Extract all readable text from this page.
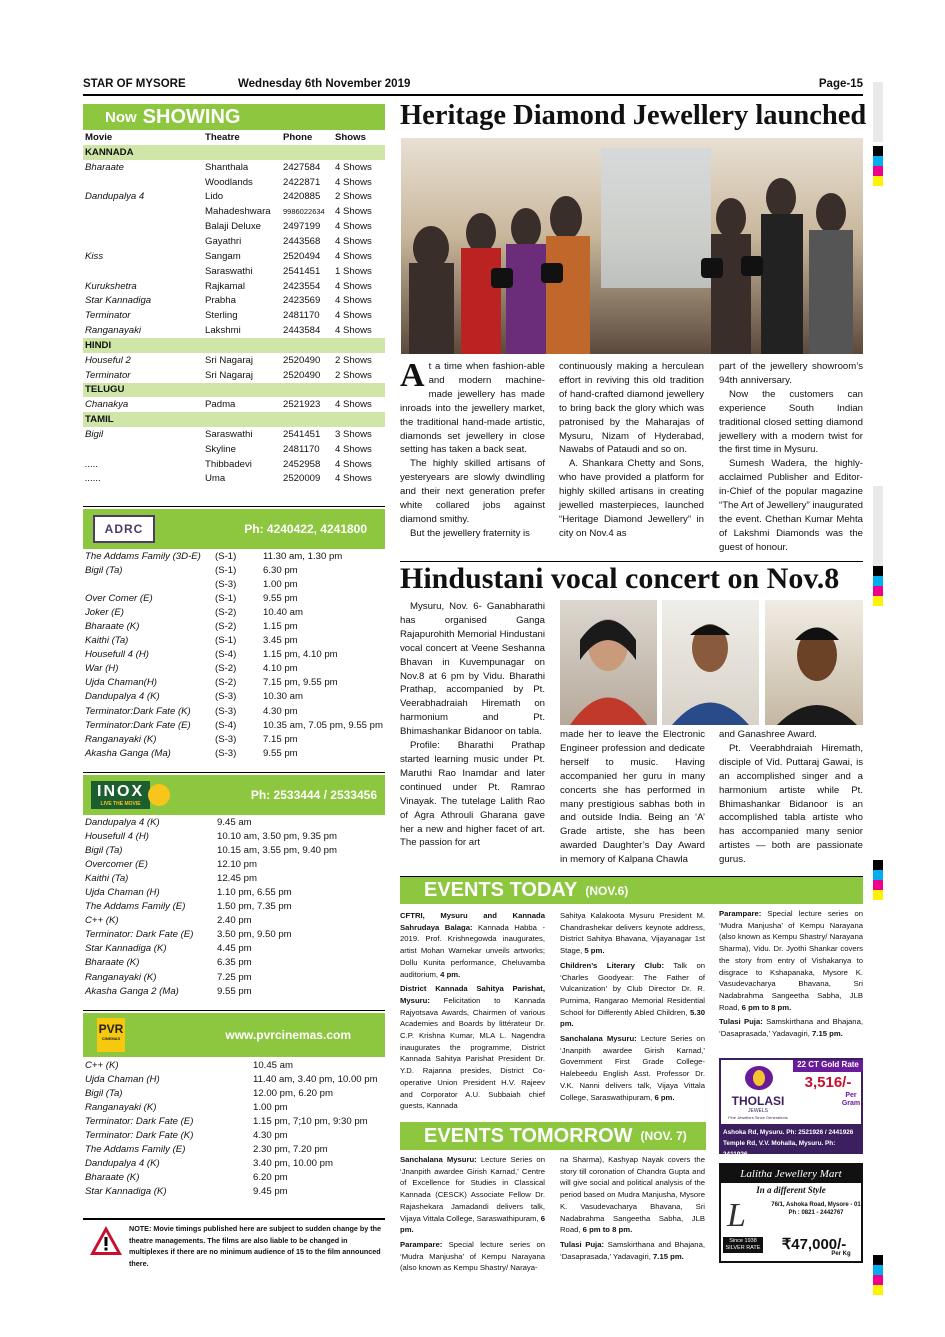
STAR OF MYSORE	Wednesday 6th November 2019	Page-15
Now SHOWING
Movie	Theatre	Phone	Shows
KANNADA			
Bharaate	Shanthala	2427584	4 Shows
	Woodlands	2422871	4 Shows
Dandupalya 4	Lido	2420885	2 Shows
	Mahadeshwara	9986022634	4 Shows
	Balaji Deluxe	2497199	4 Shows
	Gayathri	2443568	4 Shows
Kiss	Sangam	2520494	4 Shows
	Saraswathi	2541451	1 Shows
Kurukshetra	Rajkamal	2423554	4 Shows
Star Kannadiga	Prabha	2423569	4 Shows
Terminator	Sterling	2481170	4 Shows
Ranganayaki	Lakshmi	2443584	4 Shows
HINDI			
Houseful 2	Sri Nagaraj	2520490	2 Shows
Terminator	Sri Nagaraj	2520490	2 Shows
TELUGU			
Chanakya	Padma	2521923	4 Shows
TAMIL			
Bigil	Saraswathi	2541451	3 Shows
	Skyline	2481170	4 Shows
.....	Thibbadevi	2452958	4 Shows
......	Uma	2520009	4 Shows
ADRC	Ph: 4240422, 4241800
The Addams Family (3D-E)	(S-1)	11.30 am, 1.30 pm
Bigil (Ta)	(S-1)	6.30 pm
	(S-3)	1.00 pm
Over Comer (E)	(S-1)	9.55 pm
Joker (E)	(S-2)	10.40 am
Bharaate (K)	(S-2)	1.15 pm
Kaithi (Ta)	(S-1)	3.45 pm
Housefull 4 (H)	(S-4)	1.15 pm, 4.10 pm
War (H)	(S-2)	4.10 pm
Ujda Chaman(H)	(S-2)	7.15 pm, 9.55 pm
Dandupalya 4 (K)	(S-3)	10.30 am
Terminator:Dark Fate (K)	(S-3)	4.30 pm
Terminator:Dark Fate (E)	(S-4)	10.35 am, 7.05 pm, 9.55 pm
Ranganayaki (K)	(S-3)	7.15 pm
Akasha Ganga (Ma)	(S-3)	9.55 pm
INOX
LIVE THE MOVIE
Ph: 2533444 / 2533456
Dandupalya 4 (K)	9.45 am
Housefull 4 (H)	10.10 am, 3.50 pm, 9.35 pm
Bigil (Ta)	10.15 am, 3.55 pm, 9.40 pm
Overcomer (E)	12.10 pm
Kaithi (Ta)	12.45 pm
Ujda Chaman (H)	1.10 pm, 6.55 pm
The Addams Family (E)	1.50 pm, 7.35 pm
C++ (K)	2.40 pm
Terminator: Dark Fate (E)	3.50 pm, 9.50 pm
Star Kannadiga (K)	4.45 pm
Bharaate (K)	6.35 pm
Ranganayaki (K)	7.25 pm
Akasha Ganga 2 (Ma)	9.55 pm
PVR
CINEMAS	www.pvrcinemas.com
C++ (K)	10.45 am
Ujda Chaman (H)	11.40 am, 3.40 pm, 10.00 pm
Bigil (Ta)	12.00 pm, 6.20 pm
Ranganayaki (K)	1.00 pm
Terminator: Dark Fate (E)	1.15 pm, 7;10 pm, 9:30 pm
Terminator: Dark Fate (K)	4.30 pm
The Addams Family (E)	2.30 pm, 7.20 pm
Dandupalya 4 (K)	3.40 pm, 10.00 pm
Bharaate (K)	6.20 pm
Star Kannadiga (K)	9.45 pm
NOTE: Movie timings published here are subject to sudden change by the theatre managements. The films are also liable to be changed in multiplexes if there are no minimum audience of 15 to the film announced there.
Heritage Diamond Jewellery launched

At a time when fashion-able and modern machine-made jewellery has made inroads into the jewellery market, the traditional hand-made artistic, diamonds set jewellery in close setting has taken a back seat.

The highly skilled artisans of yesteryears are slowly dwindling and their next generation prefer white collared jobs against diamond smithy.

But the jewellery fraternity is

continuously making a herculean effort in reviving this old tradition of hand-crafted diamond jewellery to bring back the glory which was patronised by the Maharajas of Mysuru, Nizam of Hyderabad, Nawabs of Pataudi and so on.

A. Shankara Chetty and Sons, who have provided a platform for highly skilled artisans in creating jewelled masterpieces, launched “Heritage Diamond Jewellery” in city on Nov.4 as

part of the jewellery showroom’s 94th anniversary.

Now the customers can experience South Indian traditional closed setting diamond jewellery with a modern twist for the first time in Mysuru.

Sumesh Wadera, the highly-acclaimed Publisher and Editor-in-Chief of the popular magazine “The Art of Jewellery” inaugurated the event. Chethan Kumar Mehta of Lakshmi Diamonds was the guest of honour.

Hindustani vocal concert on Nov.8

Mysuru, Nov. 6- Ganabharathi has organised Ganga Rajapurohith Memorial Hindustani vocal concert at Veene Seshanna Bhavan in Kuvempunagar on Nov.8 at 6 pm by Vidu. Bharathi Prathap, accompanied by Pt. Veerabhadraiah Hiremath on harmonium and Pt. Bhimashankar Bidanoor on tabla.

Profile: Bharathi Prathap started learning music under Pt. Maruthi Rao Inamdar and later continued under Pt. Ramrao Vinayak. The tutelage Lalith Rao of Agra Athrouli Gharana gave her a new and higher facet of art. The passion for art

made her to leave the Electronic Engineer profession and dedicate herself to music. Having accompanied her guru in many concerts she has performed in many prestigious sabhas both in and outside India. Being an ‘A’ Grade artiste, she has been awarded Daughter’s Day Award in memory of Kalpana Chawla

and Ganashree Award.

Pt. Veerabhdraiah Hiremath, disciple of Vid. Puttaraj Gawai, is an accomplished singer and a harmonium artiste while Pt. Bhimashankar Bidanoor is an accomplished tabla artiste who has accompanied many senior artistes — both are passionate gurus.

EVENTS TODAY (NOV.6)

CFTRI, Mysuru and Kannada Sahrudaya Balaga: Kannada Habba - 2019. Prof. Krishnegowda inaugurates, artist Mohan Warnekar unveils artworks; Dollu Kunita performance, Cheluvamba auditorium, 4 pm.

District Kannada Sahitya Parishat, Mysuru: Felicitation to Kannada Rajyotsava Awards, Chairmen of various Academies and Boards by littérateur Dr. C.P. Krishna Kumar, MLA L. Nagendra inaugurates the programme, District Kannada Sahitya Parishat President Dr. Y.D. Rajanna presides, District Co-operative Union President H.V. Rajeev and Corporator A.U. Subbaiah chief guests, Kannada

Sahitya Kalakoota Mysuru President M. Chandrashekar delivers keynote address, District Sahitya Bhavana, Vijayanagar 1st Stage, 5 pm.

Children’s Literary Club: Talk on ‘Charles Goodyear: The Father of Vulcanization’ by Club Director Dr. R. Purnima, Rangarao Memorial Residential School for Differently Abled Children, 5.30 pm.

Sanchalana Mysuru: Lecture Series on ‘Jnanpith awardee Girish Karnad,’ Government First Grade College-Halebeedu English Asst. Professor Dr. V.K. Nanni delivers talk, Vijaya Vittala College, Saraswathipuram, 6 pm.

Parampare: Special lecture series on ‘Mudra Manjusha’ of Kempu Narayana (also known as Kempu Shastry/ Narayana Sharma), Vidu. Dr. Jyothi Shankar covers the story from entry of Vishakanya to disgrace to Kshapanaka, Mysore K. Vasudevacharya Bhavana, Sri Nadabrahma Sangeetha Sabha, JLB Road, 6 pm to 8 pm.

Tulasi Puja: Samskirthana and Bhajana, ‘Dasaprasada,’ Yadavagiri, 7.15 pm.

EVENTS TOMORROW (NOV. 7)

Sanchalana Mysuru: Lecture Series on ‘Jnanpith awardee Girish Karnad,’ Centre of Excellence for Studies in Classical Kannada (CESCK) Associate Fellow Dr. Rajashekara Jamadandi delivers talk, Vijaya Vittala College, Saraswathipuram, 6 pm.

Parampare: Special lecture series on ‘Mudra Manjusha’ of Kempu Narayana (also known as Kempu Shastry/ Naraya-

na Sharma), Kashyap Nayak covers the story till coronation of Chandra Gupta and will give social and political analysis of the period based on Mudra Manjusha, Mysore K. Vasudevacharya Bhavana, Sri Nadabrahma Sangeetha Sabha, JLB Road, 6 pm to 8 pm.

Tulasi Puja: Samskirthana and Bhajana, ‘Dasaprasada,’ Yadavagiri, 7.15 pm.

22 CT Gold Rate
3,516/-
Per Gram
THOLASI
JEWELS
Fine Jewellers Since Generations
Ashoka Rd, Mysuru. Ph: 2521926 / 2441926
Temple Rd, V.V. Mohalla, Mysuru. Ph: 2411926
Lalitha Jewellery Mart
In a different Style
L	76/1, Ashoka Road, Mysore - 01
Ph : 0821 - 2442767
Since 1938
SILVER RATE	₹47,000/-
Per Kg
